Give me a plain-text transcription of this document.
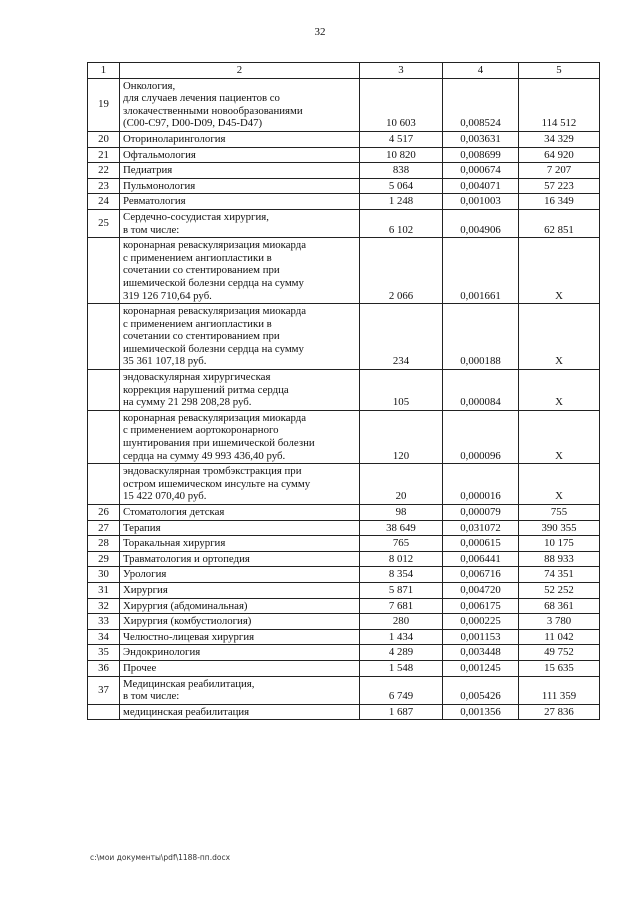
32
1	2	3	4	5
19	Онкология,
для случаев лечения пациентов со
злокачественными новообразованиями
(C00-C97, D00-D09, D45-D47)	10 603	0,008524	114 512
20	Оториноларингология	4 517	0,003631	34 329
21	Офтальмология	10 820	0,008699	64 920
22	Педиатрия	838	0,000674	7 207
23	Пульмонология	5 064	0,004071	57 223
24	Ревматология	1 248	0,001003	16 349
25	Сердечно-сосудистая хирургия,
в том числе:	6 102	0,004906	62 851
	коронарная реваскуляризация миокарда
с применением ангиопластики в
сочетании со стентированием при
ишемической болезни сердца на сумму
319 126 710,64 руб.	2 066	0,001661	X
	коронарная реваскуляризация миокарда
с применением ангиопластики в
сочетании со стентированием при
ишемической болезни сердца на сумму
35 361 107,18 руб.	234	0,000188	X
	эндоваскулярная хирургическая
коррекция нарушений ритма сердца
на сумму 21 298 208,28 руб.	105	0,000084	X
	коронарная реваскуляризация миокарда
с применением аортокоронарного
шунтирования при ишемической болезни
сердца на сумму 49 993 436,40 руб.	120	0,000096	X
	эндоваскулярная тромбэкстракция при
остром ишемическом инсульте на сумму
15 422 070,40 руб.	20	0,000016	X
26	Стоматология детская	98	0,000079	755
27	Терапия	38 649	0,031072	390 355
28	Торакальная хирургия	765	0,000615	10 175
29	Травматология и ортопедия	8 012	0,006441	88 933
30	Урология	8 354	0,006716	74 351
31	Хирургия	5 871	0,004720	52 252
32	Хирургия (абдоминальная)	7 681	0,006175	68 361
33	Хирургия (комбустиология)	280	0,000225	3 780
34	Челюстно-лицевая хирургия	1 434	0,001153	11 042
35	Эндокринология	4 289	0,003448	49 752
36	Прочее	1 548	0,001245	15 635
37	Медицинская реабилитация,
в том числе:	6 749	0,005426	111 359
	медицинская реабилитация	1 687	0,001356	27 836
c:\мои документы\pdf\1188-пп.docx
